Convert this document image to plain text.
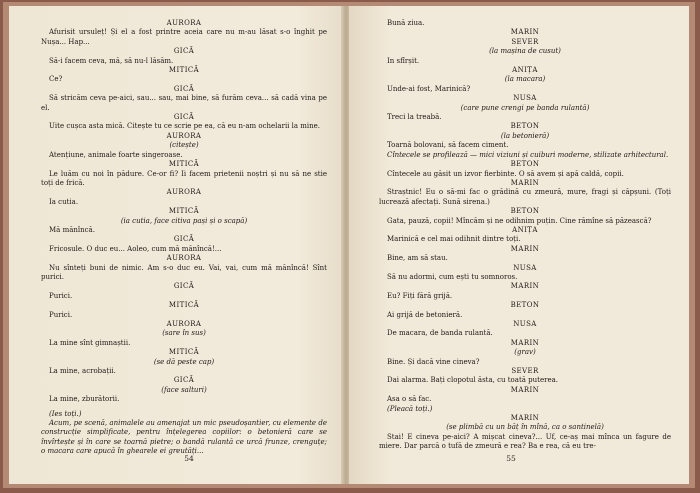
AURORA
Afurisit ursuleț! Și el a fost printre aceia care nu m-au lăsat s-o înghit pe Nușa... Hap...
GICĂ
Să-i facem ceva, mă, să nu-l lăsăm.
MITICĂ
Ce?
GICĂ
Să stricăm ceva pe-aici, sau... sau, mai bine, să furăm ceva... să cadă vina pe el.
GICĂ
Uite cușca asta mică. Citește tu ce scrie pe ea, că eu n-am ochelarii la mine.
AURORA
(citește)
Atențiune, animale foarte singeroase.
MITICĂ
Le luăm cu noi în pădure. Ce-or fi? Ii facem prietenii noștri și nu să ne stie toți de frică.
AURORA
Ia cutia.
MITICĂ
(ia cutia, face citiva pași și o scapă)
Mă mănîncă.
GICĂ
Fricosule. O duc eu... Aoleo, cum mă mănîncă!...
AURORA
Nu sînteți buni de nimic. Am s-o duc eu. Vai, vai, cum mă mănîncă! Sînt purici.
GICĂ
Purici.
MITICĂ
Purici.
AURORA
(sare în sus)
La mine sînt gimnaștii.
MITICĂ
(se dă peste cap)
La mine, acrobații.
GICĂ
(face salturi)
La mine, zburătorii.
(Ies toți.)
Acum, pe scenă, animalele au amenajat un mic pseudoșantier, cu elemente de construcție simplificate, pentru înțelegerea copiilor: o betonieră care se învîrtește și în care se toarnă pietre; o bandă rulantă ce urcă frunze, crenguțe; o macara care apucă în ghearele ei greutăți...
54
Bună ziua.
MARIN
SEVER
(la mașina de cusut)
In sfîrșit.
ANIȚA
(la macara)
Unde-ai fost, Marinică?
NUSA
(care pune crengi pe banda rulantă)
Treci la treabă.
BETON
(la betonieră)
Toarnă bolovani, să facem ciment.
Cîntecele se profilează — mici viziuni și cuiburi moderne, stilizate arhitectural.
BETON
Cîntecele au găsit un izvor fierbinte. O să avem și apă caldă, copii.
MARIN
Straștnic! Eu o să-mi fac o grădină cu zmeură, mure, fragi și căpșuni. (Toți lucrează afectați. Sună sirena.)
BETON
Gata, pauză, copii! Mîncăm și ne odihnim puțin. Cine rămîne să păzească?
ANIȚA
Marinică e cel mai odihnit dintre toți.
MARIN
Bine, am să stau.
NUSA
Să nu adormi, cum ești tu somnoros.
MARIN
Eu? Fiți fără grijă.
BETON
Ai grijă de betonieră.
NUSA
De macara, de banda rulantă.
MARIN
(grav)
Bine. Și dacă vine cineva?
SEVER
Dai alarma. Bați clopotul ăsta, cu toată puterea.
MARIN
Asa o să fac.
(Pleacă toți.)
MARIN
(se plimbă cu un băț în mînă, ca o santinelă)
Stai! E cineva pe-aici? A mișcat cineva?... Uf, ce-aș mai mînca un fagure de miere. Dar parcă o tufă de zmeură e rea? Ba e rea, că eu tre-
55
